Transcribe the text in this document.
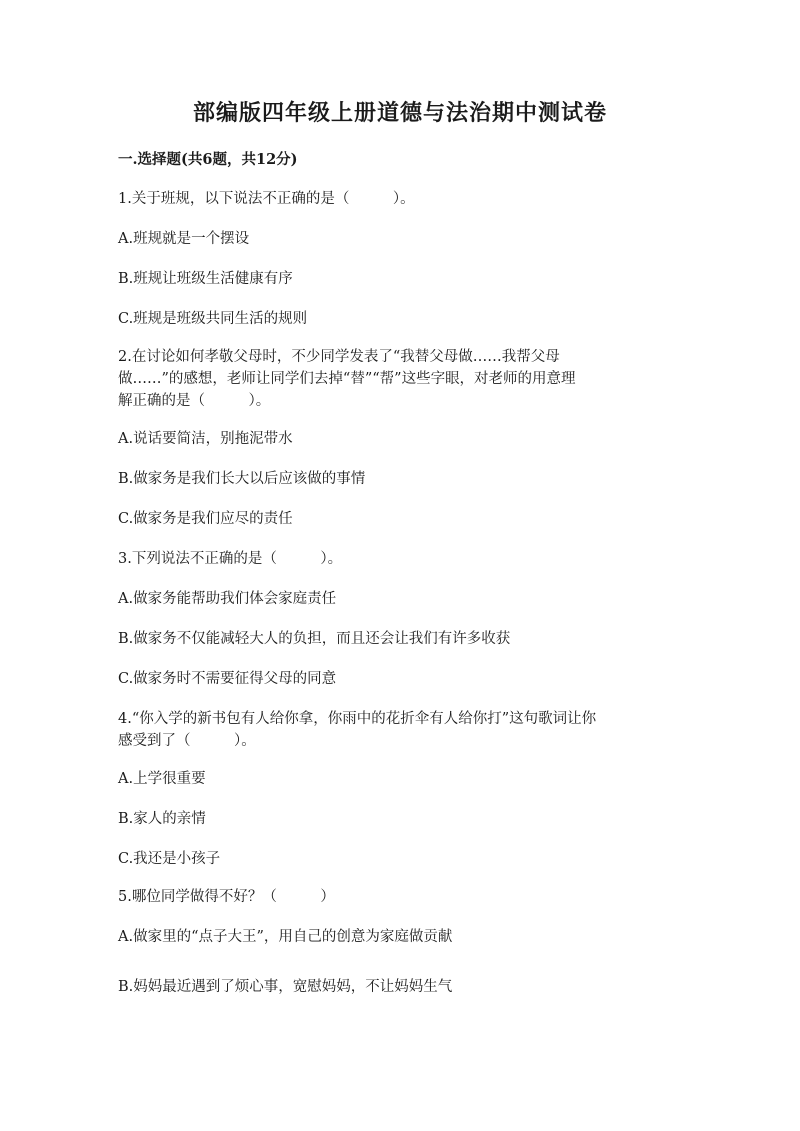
部编版四年级上册道德与法治期中测试卷
一.选择题(共6题，共12分)
1.关于班规，以下说法不正确的是（　　　）。
A.班规就是一个摆设
B.班规让班级生活健康有序
C.班规是班级共同生活的规则
2.在讨论如何孝敬父母时，不少同学发表了“我替父母做……我帮父母
做……”的感想，老师让同学们去掉“替”“帮”这些字眼，对老师的用意理
解正确的是（　　　）。
A.说话要简洁，别拖泥带水
B.做家务是我们长大以后应该做的事情
C.做家务是我们应尽的责任
3.下列说法不正确的是（　　　）。
A.做家务能帮助我们体会家庭责任
B.做家务不仅能减轻大人的负担，而且还会让我们有许多收获
C.做家务时不需要征得父母的同意
4.“你入学的新书包有人给你拿，你雨中的花折伞有人给你打”这句歌词让你
感受到了（　　　）。
A.上学很重要
B.家人的亲情
C.我还是小孩子
5.哪位同学做得不好？（　　　）
A.做家里的“点子大王”，用自己的创意为家庭做贡献
B.妈妈最近遇到了烦心事，宽慰妈妈，不让妈妈生气
